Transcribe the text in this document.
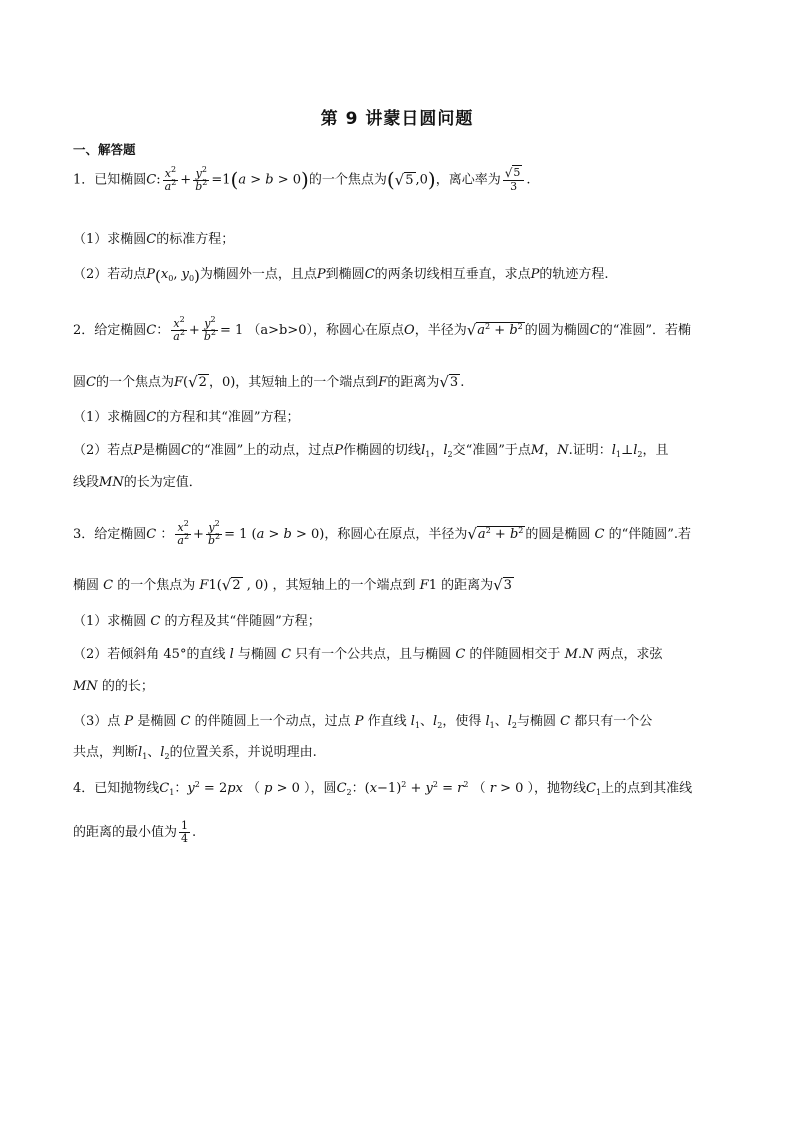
第 9 讲蒙日圆问题
一、解答题
1．已知椭圆C: $\frac{x^2}{a^2} + \frac{y^2}{b^2} =1(a > b > 0)$的一个焦点为(√5 ,0)，离心率为 $\frac{√5}{3}$ .
（1）求椭圆C的标准方程；
（2）若动点$P(x_0$, $y_0$)为椭圆外一点，且点P到椭圆C的两条切线相互垂直，求点P的轨迹方程.
2．给定椭圆C： $\frac{x^2}{a^2} + \frac{y^2}{b^2} = 1$ （a>b>0），称圆心在原点O，半径为$√a^2 + b^2$ 的圆为椭圆C的“准圆”．若椭
圆C的一个焦点为F(√2 ，0)，其短轴上的一个端点到F的距离为√3 .
（1）求椭圆C的方程和其“准圆”方程；
（2）若点P是椭圆C的“准圆”上的动点，过点P作椭圆的切线$l_1$，$l_2$交“准圆”于点M，N.证明：$l_1\perp l_2$，且
线段MN的长为定值．
3．给定椭圆C ： $\frac{x^2}{a^2} + \frac{y^2}{b^2} = 1$ (a > b > 0)，称圆心在原点，半径为$√a^2 + b^2$ 的圆是椭圆 C 的“伴随圆”.若
椭圆 C 的一个焦点为 F1(√2 , 0) ，其短轴上的一个端点到 F1 的距离为√3
（1）求椭圆 C 的方程及其“伴随圆”方程；
（2）若倾斜角 45°的直线 l 与椭圆 C 只有一个公共点，且与椭圆 C 的伴随圆相交于 M.N 两点，求弦
MN 的的长；
（3）点 P 是椭圆 C 的伴随圆上一个动点，过点 P 作直线 $l_1$、$l_2$，使得 $l_1$、$l_2$与椭圆 C 都只有一个公
共点，判断$l_1$、$l_2$的位置关系，并说明理由.
4．已知抛物线$C_1$：$y^2 = 2px$ （ p > 0 ），圆$C_2$：$(x-1)^2 + y^2 = r^2$ （ r > 0 ），抛物线$C_1$上的点到其准线
的距离的最小值为 $\frac{1}{4}$ .
